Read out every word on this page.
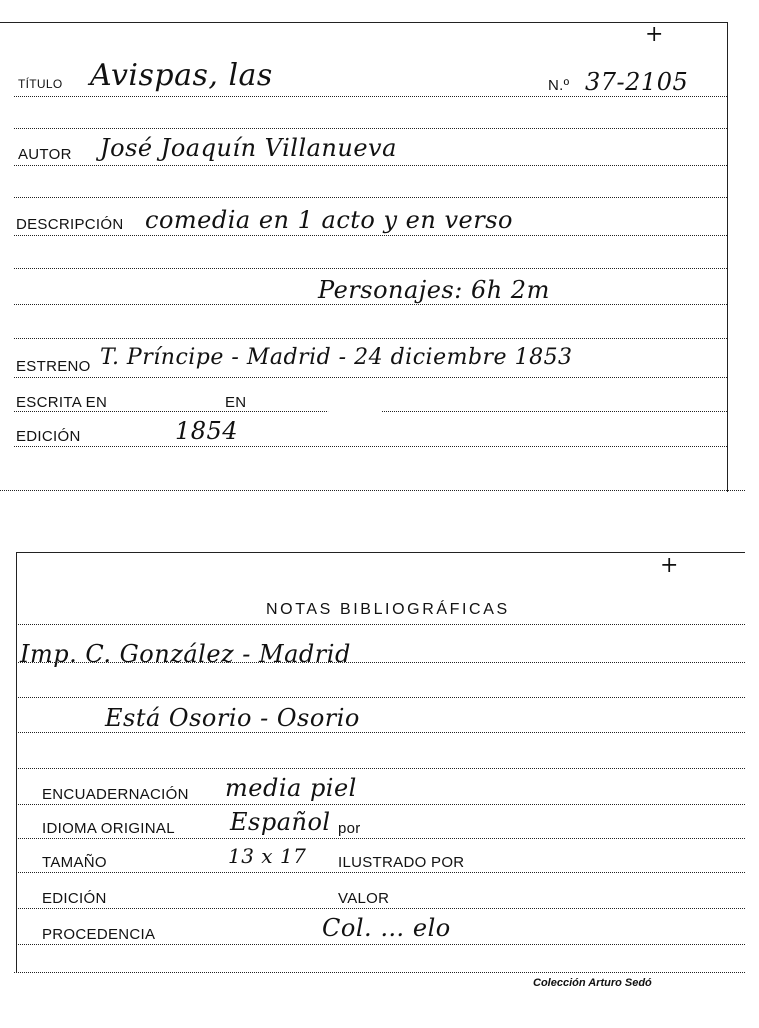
+
TÍTULO Avispas, las	N.º 37-2105
AUTOR José Joaquín Villanueva
DESCRIPCIÓN comedia en 1 acto y en verso
Personajes: 6h 2m
ESTRENO T. Príncipe - Madrid - 24 diciembre 1853
ESCRITA EN	EN
EDICIÓN	1854
+
NOTAS BIBLIOGRÁFICAS
Imp. C. González - Madrid
Está Osorio - Osorio
ENCUADERNACIÓN media piel
IDIOMA ORIGINAL Español por
TAMAÑO	13 x 17 ILUSTRADO POR
EDICIÓN	VALOR
PROCEDENCIA	Col. … elo
Colección Arturo Sedó
